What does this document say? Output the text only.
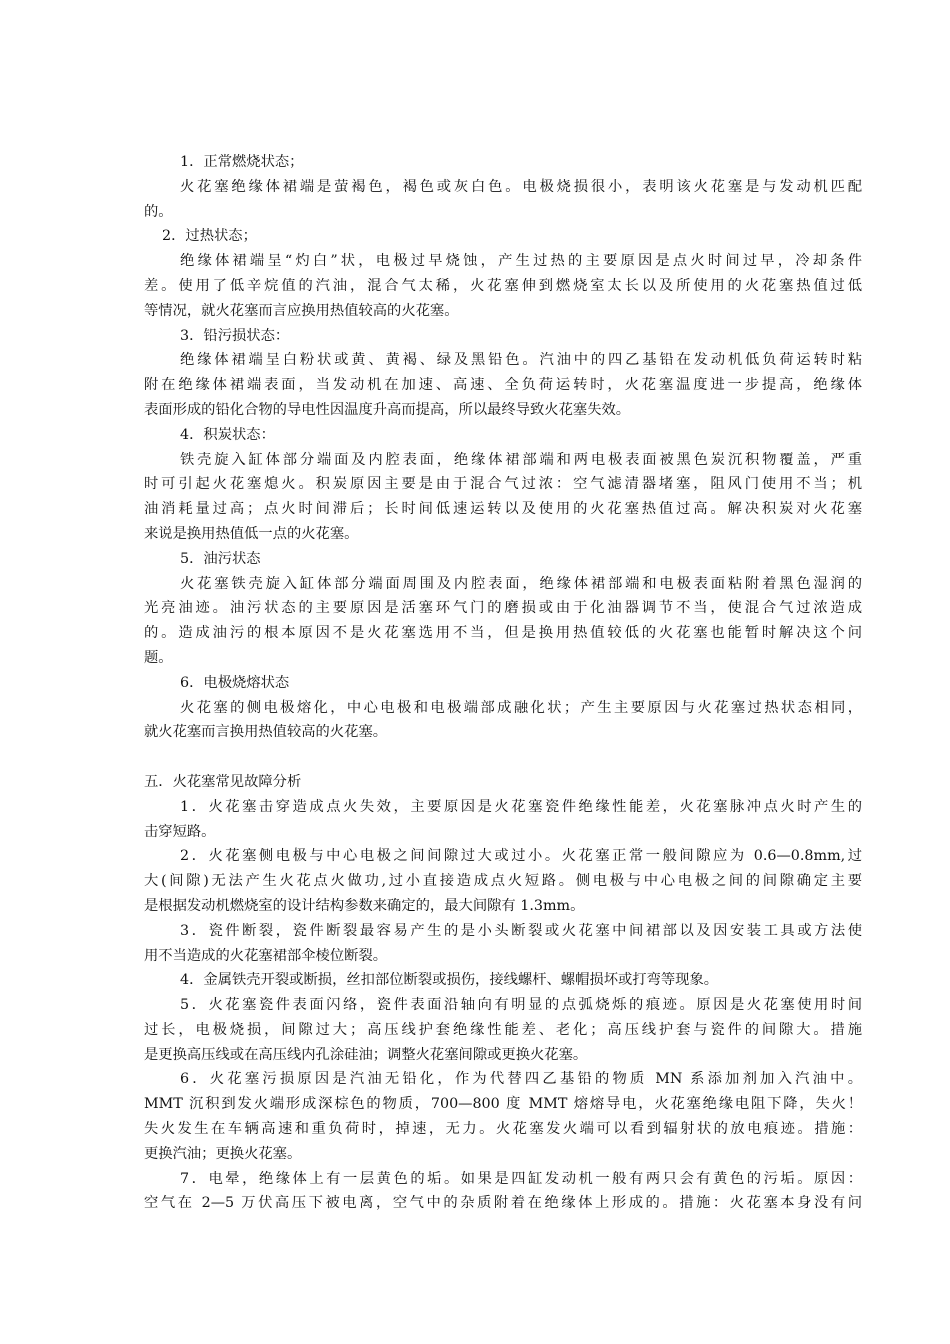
1．正常燃烧状态；
火花塞绝缘体裙端是萤褐色，褐色或灰白色。电极烧损很小，表明该火花塞是与发动机匹配
的。
2．过热状态；
绝缘体裙端呈“灼白”状，电极过早烧蚀，产生过热的主要原因是点火时间过早，冷却条件
差。使用了低辛烷值的汽油，混合气太稀，火花塞伸到燃烧室太长以及所使用的火花塞热值过低
等情况，就火花塞而言应换用热值较高的火花塞。
3．铅污损状态：
绝缘体裙端呈白粉状或黄、黄褐、绿及黑铅色。汽油中的四乙基铅在发动机低负荷运转时粘
附在绝缘体裙端表面，当发动机在加速、高速、全负荷运转时，火花塞温度进一步提高，绝缘体
表面形成的铅化合物的导电性因温度升高而提高，所以最终导致火花塞失效。
4．积炭状态：
铁壳旋入缸体部分端面及内腔表面，绝缘体裙部端和两电极表面被黑色炭沉积物覆盖，严重
时可引起火花塞熄火。积炭原因主要是由于混合气过浓：空气滤清器堵塞，阻风门使用不当；机
油消耗量过高；点火时间滞后；长时间低速运转以及使用的火花塞热值过高。解决积炭对火花塞
来说是换用热值低一点的火花塞。
5．油污状态
火花塞铁壳旋入缸体部分端面周围及内腔表面，绝缘体裙部端和电极表面粘附着黑色湿润的
光亮油迹。油污状态的主要原因是活塞环气门的磨损或由于化油器调节不当，使混合气过浓造成
的。造成油污的根本原因不是火花塞选用不当，但是换用热值较低的火花塞也能暂时解决这个问
题。
6．电极烧熔状态
火花塞的侧电极熔化，中心电极和电极端部成融化状；产生主要原因与火花塞过热状态相同，
就火花塞而言换用热值较高的火花塞。
五．火花塞常见故障分析
1．火花塞击穿造成点火失效，主要原因是火花塞瓷件绝缘性能差，火花塞脉冲点火时产生的
击穿短路。
2．火花塞侧电极与中心电极之间间隙过大或过小。火花塞正常一般间隙应为 0.6—0.8mm,过
大(间隙)无法产生火花点火做功,过小直接造成点火短路。侧电极与中心电极之间的间隙确定主要
是根据发动机燃烧室的设计结构参数来确定的，最大间隙有 1.3mm。
3．瓷件断裂，瓷件断裂最容易产生的是小头断裂或火花塞中间裙部以及因安装工具或方法使
用不当造成的火花塞裙部伞棱位断裂。
4．金属铁壳开裂或断损，丝扣部位断裂或损伤，接线螺杆、螺帽损坏或打弯等现象。
5．火花塞瓷件表面闪络，瓷件表面沿轴向有明显的点弧烧烁的痕迹。原因是火花塞使用时间
过长，电极烧损，间隙过大；高压线护套绝缘性能差、老化；高压线护套与瓷件的间隙大。措施
是更换高压线或在高压线内孔涂硅油；调整火花塞间隙或更换火花塞。
6．火花塞污损原因是汽油无铅化，作为代替四乙基铅的物质 MN 系添加剂加入汽油中。
MMT 沉积到发火端形成深棕色的物质，700—800 度 MMT 熔熔导电，火花塞绝缘电阻下降，失火！
失火发生在车辆高速和重负荷时，掉速，无力。火花塞发火端可以看到辐射状的放电痕迹。措施：
更换汽油；更换火花塞。
7．电晕，绝缘体上有一层黄色的垢。如果是四缸发动机一般有两只会有黄色的污垢。原因：
空气在 2—5 万伏高压下被电离，空气中的杂质附着在绝缘体上形成的。措施：火花塞本身没有问
